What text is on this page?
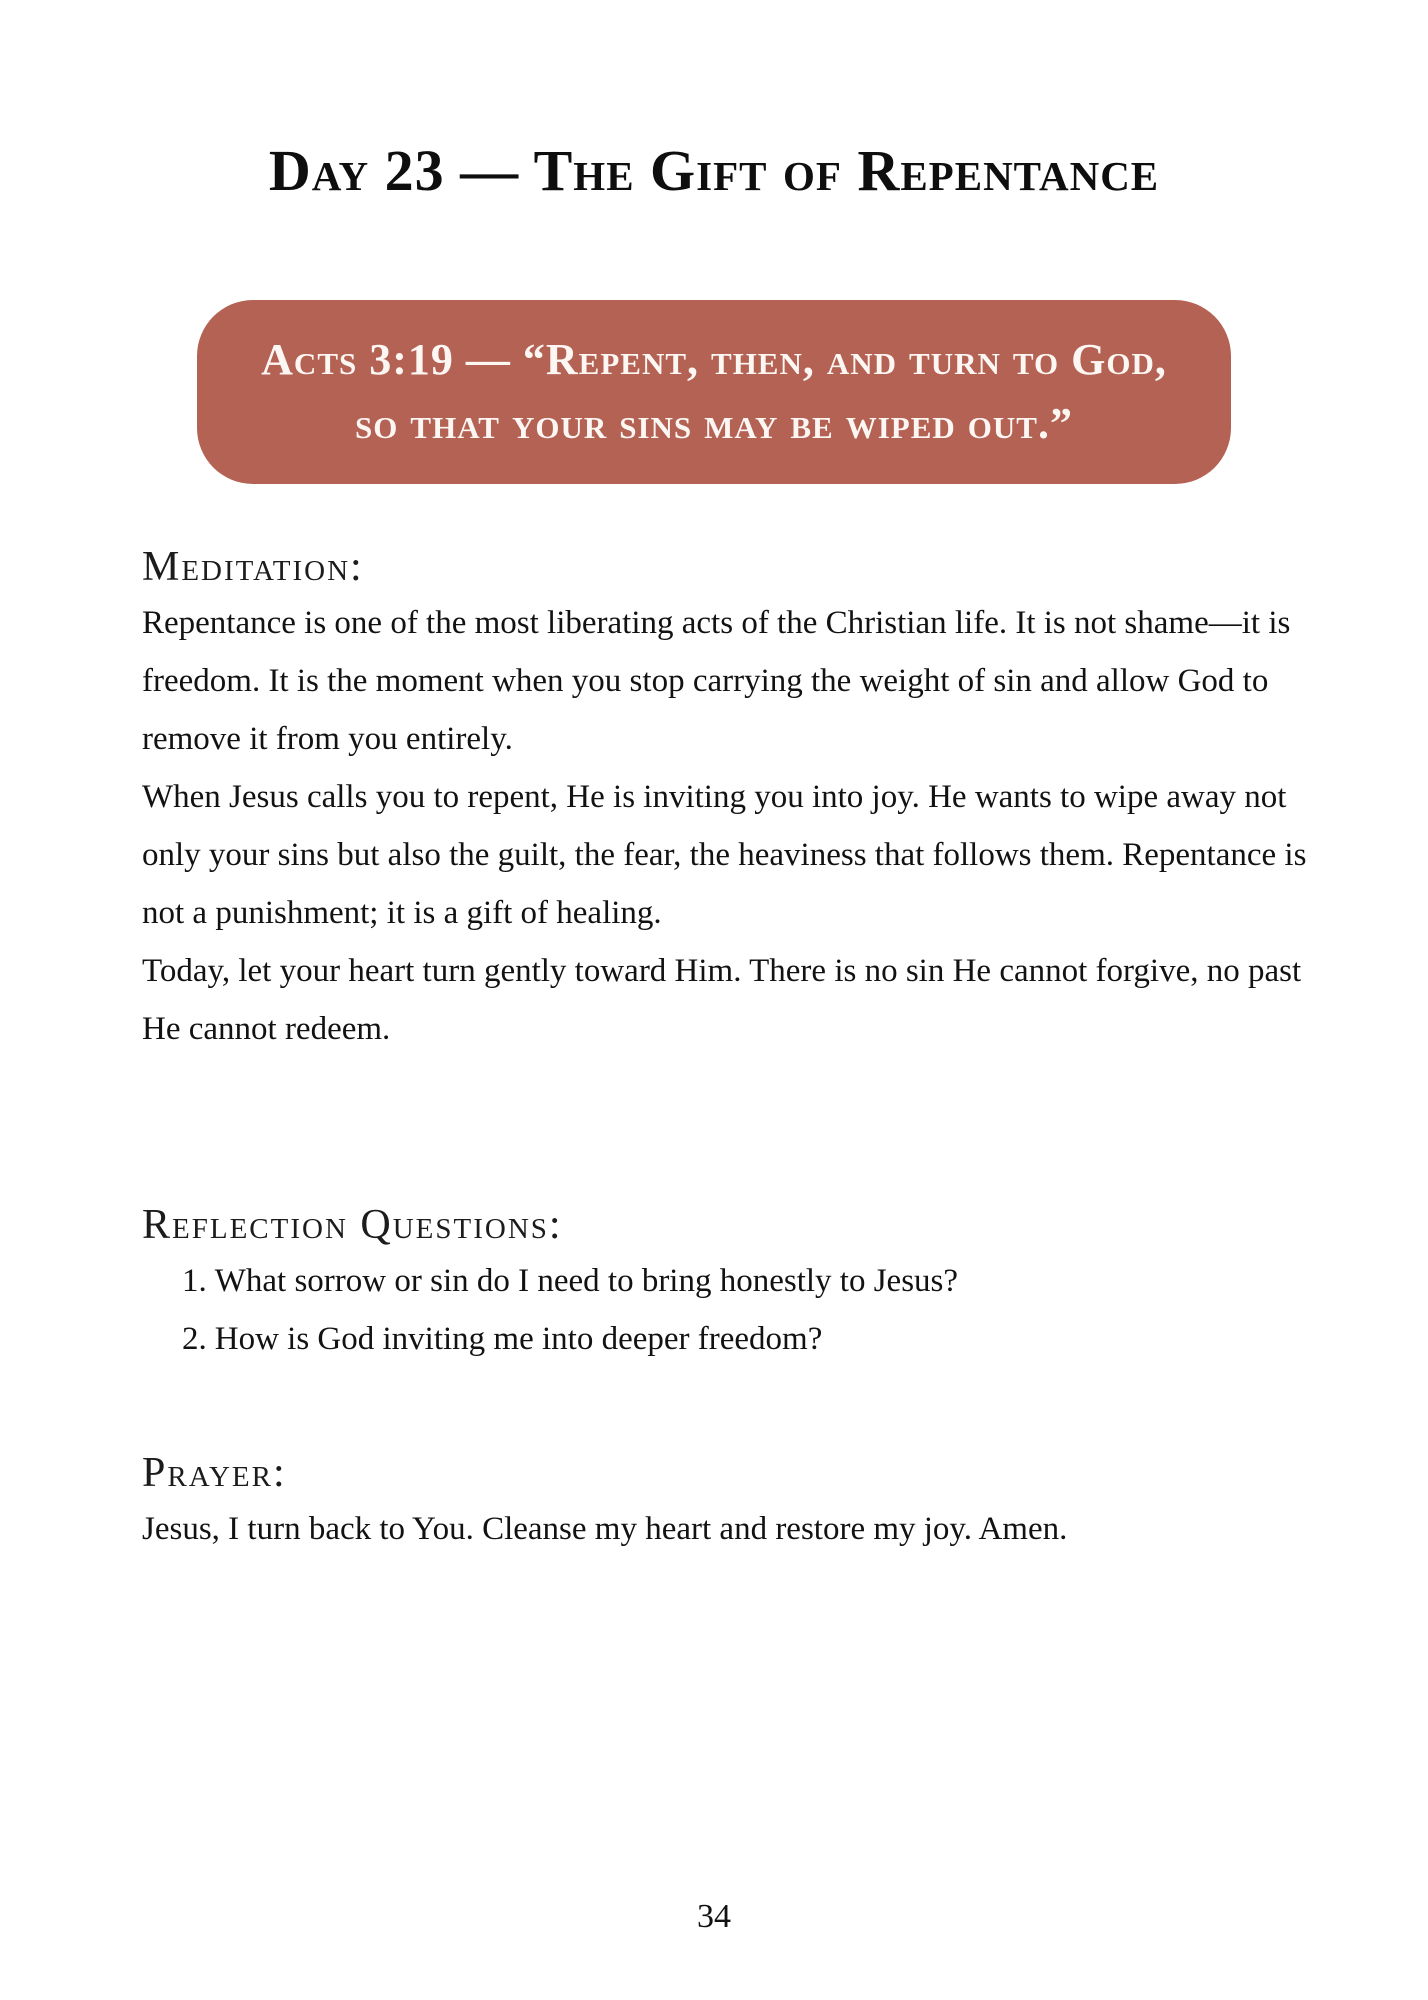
Day 23 — The Gift of Repentance

Acts 3:19 — “Repent, then, and turn to God, so that your sins may be wiped out.”

Meditation:

Repentance is one of the most liberating acts of the Christian life. It is not shame—it is freedom. It is the moment when you stop carrying the weight of sin and allow God to remove it from you entirely.

When Jesus calls you to repent, He is inviting you into joy. He wants to wipe away not only your sins but also the guilt, the fear, the heaviness that follows them. Repentance is not a punishment; it is a gift of healing.

Today, let your heart turn gently toward Him. There is no sin He cannot forgive, no past He cannot redeem.

Reflection Questions:
1. What sorrow or sin do I need to bring honestly to Jesus?
2. How is God inviting me into deeper freedom?
Prayer:

Jesus, I turn back to You. Cleanse my heart and restore my joy. Amen.

34
